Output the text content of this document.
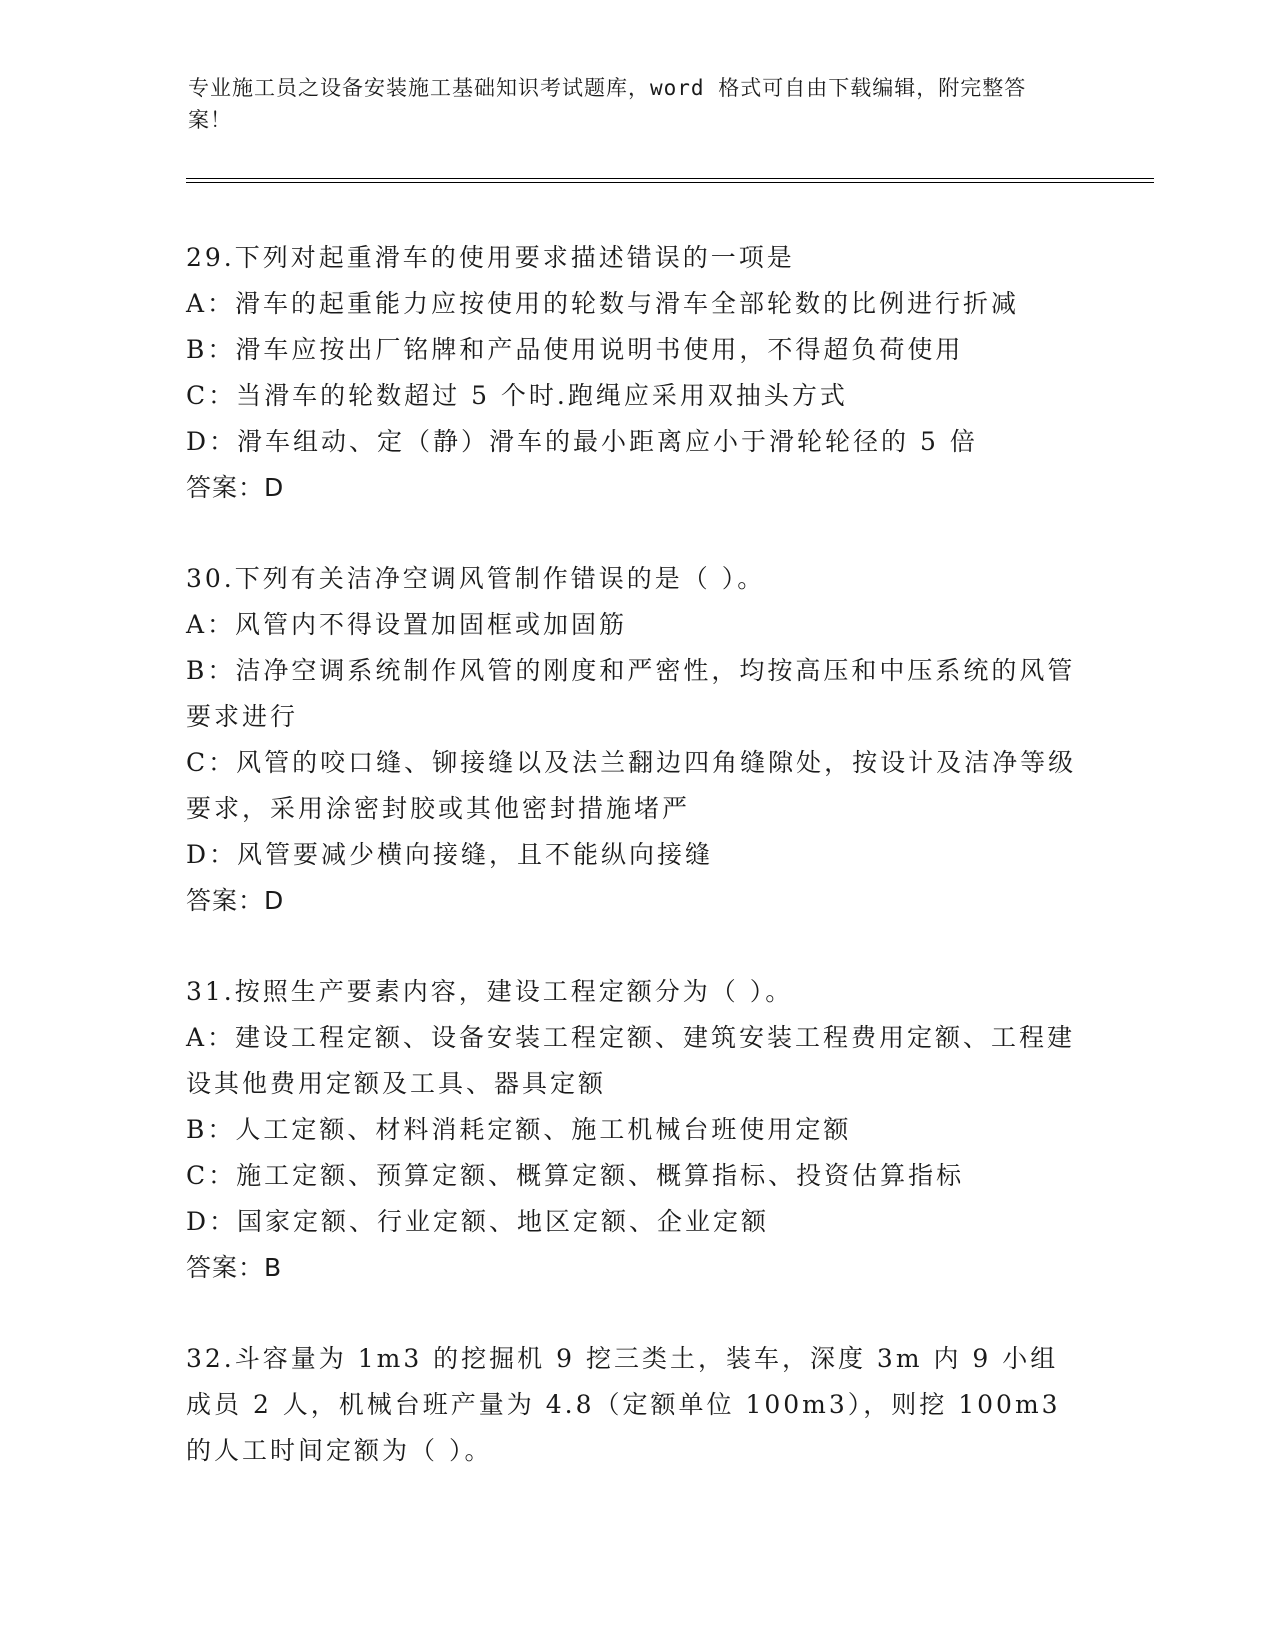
专业施工员之设备安装施工基础知识考试题库，word 格式可自由下载编辑，附完整答案！
29.下列对起重滑车的使用要求描述错误的一项是
A：滑车的起重能力应按使用的轮数与滑车全部轮数的比例进行折减
B：滑车应按出厂铭牌和产品使用说明书使用，不得超负荷使用
C：当滑车的轮数超过 5 个时.跑绳应采用双抽头方式
D：滑车组动、定（静）滑车的最小距离应小于滑轮轮径的 5 倍
答案：D
30.下列有关洁净空调风管制作错误的是（ ）。
A：风管内不得设置加固框或加固筋
B：洁净空调系统制作风管的刚度和严密性，均按高压和中压系统的风管要求进行
C：风管的咬口缝、铆接缝以及法兰翻边四角缝隙处，按设计及洁净等级要求，采用涂密封胶或其他密封措施堵严
D：风管要减少横向接缝，且不能纵向接缝
答案：D
31.按照生产要素内容，建设工程定额分为（ ）。
A：建设工程定额、设备安装工程定额、建筑安装工程费用定额、工程建设其他费用定额及工具、器具定额
B：人工定额、材料消耗定额、施工机械台班使用定额
C：施工定额、预算定额、概算定额、概算指标、投资估算指标
D：国家定额、行业定额、地区定额、企业定额
答案：B
32.斗容量为 1m3 的挖掘机 9 挖三类土，装车，深度 3m 内 9 小组成员 2 人，机械台班产量为 4.8（定额单位 100m3），则挖 100m3 的人工时间定额为（ ）。
